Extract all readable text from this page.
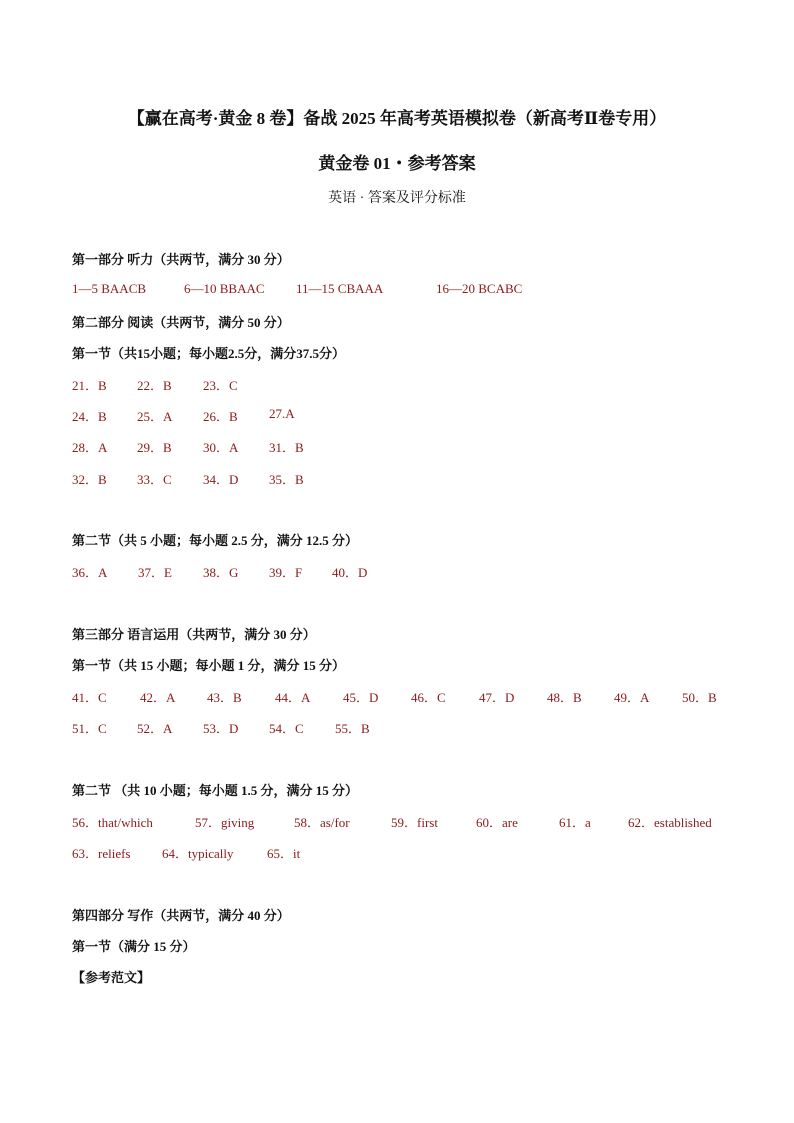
【赢在高考·黄金 8 卷】备战 2025 年高考英语模拟卷（新高考Ⅱ卷专用）
黄金卷 01・参考答案
英语 · 答案及评分标准
第一部分 听力（共两节，满分 30 分）
1—5 BAACB	6—10 BBAAC 11—15 CBAAA	16—20 BCABC
第二部分 阅读（共两节，满分 50 分）
第一节（共15小题；每小题2.5分，满分37.5分）
21．B 22．B 23．C
24．B 25．A 26．B 27.A
28．A 29．B 30．A 31．B
32．B 33．C 34．D 35．B
第二节（共 5 小题；每小题 2.5 分，满分 12.5 分）
36．A 37．E 38．G 39．F 40．D
第三部分 语言运用（共两节，满分 30 分）
第一节（共 15 小题；每小题 1 分，满分 15 分）
41．C	42．A 43．B	44．A	45．D	46．C	47．D	48．B 49．A	50．B
51．C 52．A 53．D 54．C 55．B
第二节 （共 10 小题；每小题 1.5 分，满分 15 分）
56．that/which	57．giving	58．as/for	59．first	60．are	61．a	62．established
63．reliefs 64．typically	65．it
第四部分 写作（共两节，满分 40 分）
第一节（满分 15 分）
【参考范文】
